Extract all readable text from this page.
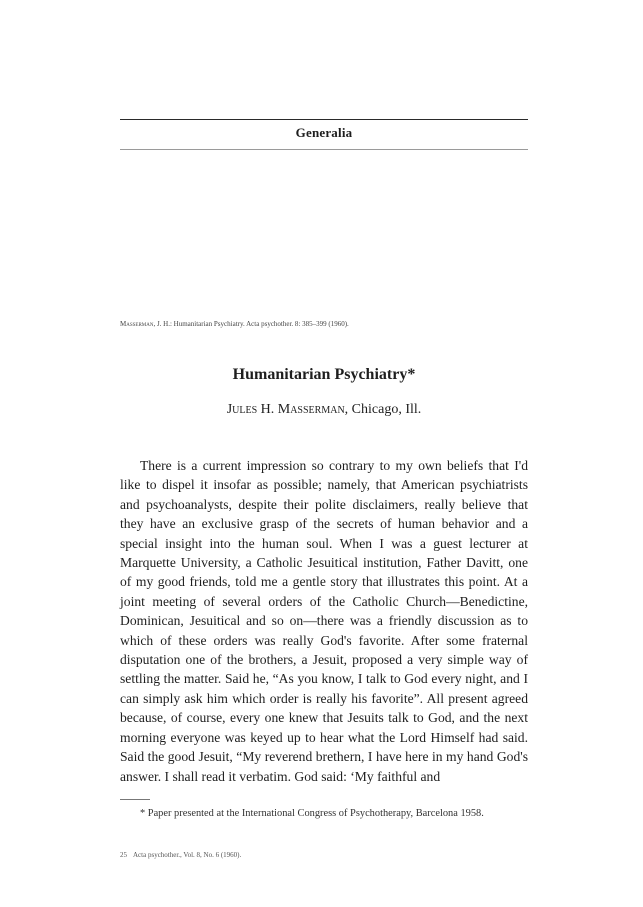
Generalia
Masserman, J. H.: Humanitarian Psychiatry. Acta psychother. 8: 385–399 (1960).
Humanitarian Psychiatry*
Jules H. Masserman, Chicago, Ill.

There is a current impression so contrary to my own beliefs that I'd like to dispel it insofar as possible; namely, that American psychiatrists and psychoanalysts, despite their polite disclaimers, really believe that they have an exclusive grasp of the secrets of human behavior and a special insight into the human soul. When I was a guest lecturer at Marquette University, a Catholic Jesuitical institution, Father Davitt, one of my good friends, told me a gentle story that illustrates this point. At a joint meeting of several orders of the Catholic Church—Benedictine, Dominican, Jesuitical and so on—there was a friendly discussion as to which of these orders was really God's favorite. After some fraternal disputation one of the brothers, a Jesuit, proposed a very simple way of settling the matter. Said he, “As you know, I talk to God every night, and I can simply ask him which order is really his favorite”. All present agreed because, of course, every one knew that Jesuits talk to God, and the next morning everyone was keyed up to hear what the Lord Himself had said. Said the good Jesuit, “My reverend brethern, I have here in my hand God's answer. I shall read it verbatim. God said: ‘My faithful and

* Paper presented at the International Congress of Psychotherapy, Barcelona 1958.

25 Acta psychother., Vol. 8, No. 6 (1960).
